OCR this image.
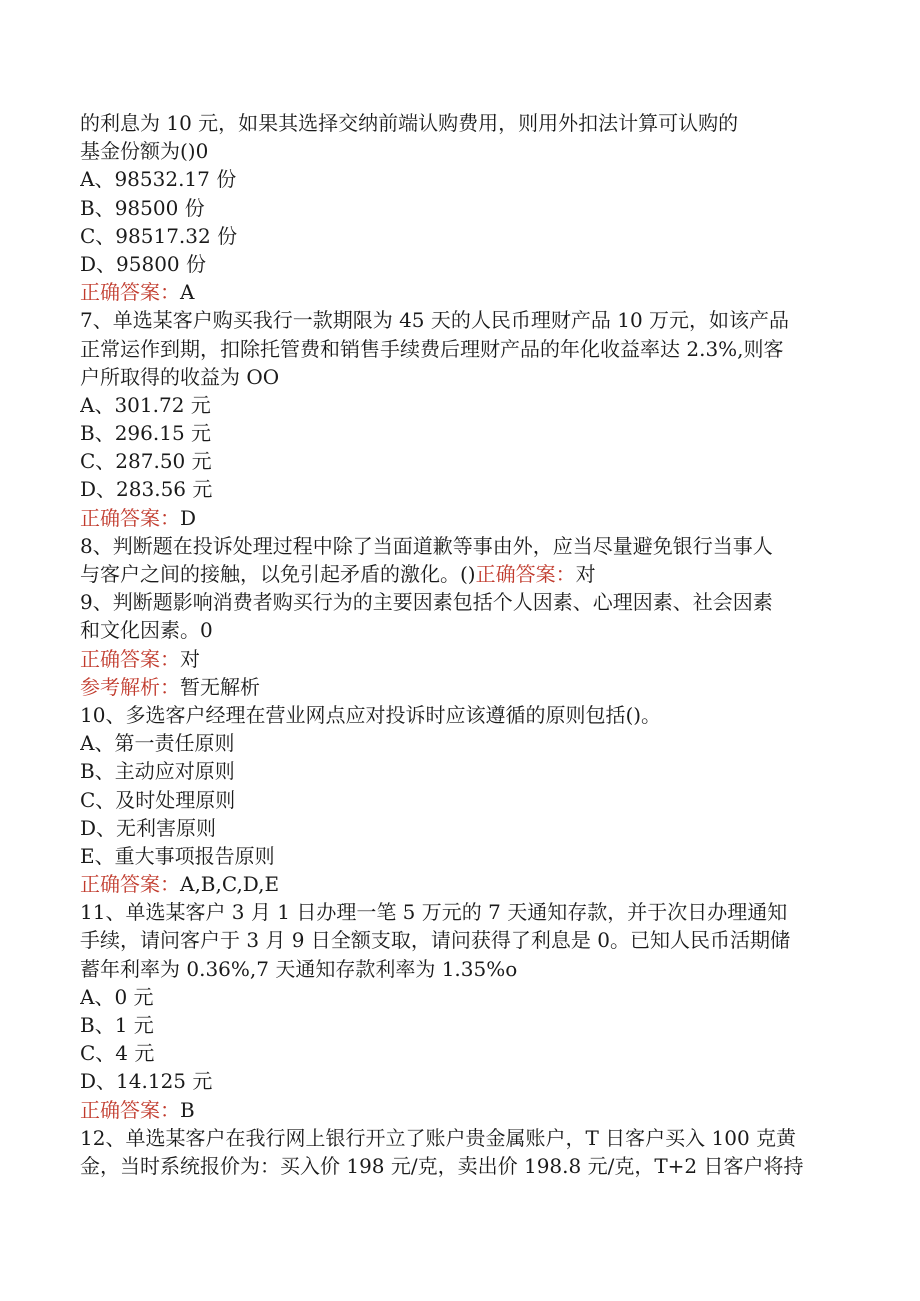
的利息为 10 元，如果其选择交纳前端认购费用，则用外扣法计算可认购的
基金份额为()0
A、98532.17 份
B、98500 份
C、98517.32 份
D、95800 份
正确答案：A
7、单选某客户购买我行一款期限为 45 天的人民币理财产品 10 万元，如该产品
正常运作到期，扣除托管费和销售手续费后理财产品的年化收益率达 2.3%,则客
户所取得的收益为 OO
A、301.72 元
B、296.15 元
C、287.50 元
D、283.56 元
正确答案：D
8、判断题在投诉处理过程中除了当面道歉等事由外，应当尽量避免银行当事人
与客户之间的接触，以免引起矛盾的激化。()正确答案：对
9、判断题影响消费者购买行为的主要因素包括个人因素、心理因素、社会因素
和文化因素。0
正确答案：对
参考解析：暂无解析
10、多选客户经理在营业网点应对投诉时应该遵循的原则包括()。
A、第一责任原则
B、主动应对原则
C、及时处理原则
D、无利害原则
E、重大事项报告原则
正确答案：A,B,C,D,E
11、单选某客户 3 月 1 日办理一笔 5 万元的 7 天通知存款，并于次日办理通知
手续，请问客户于 3 月 9 日全额支取，请问获得了利息是 0。已知人民币活期储
蓄年利率为 0.36%,7 天通知存款利率为 1.35%o
A、0 元
B、1 元
C、4 元
D、14.125 元
正确答案：B
12、单选某客户在我行网上银行开立了账户贵金属账户，T 日客户买入 100 克黄
金，当时系统报价为：买入价 198 元/克，卖出价 198.8 元/克，T+2 日客户将持
